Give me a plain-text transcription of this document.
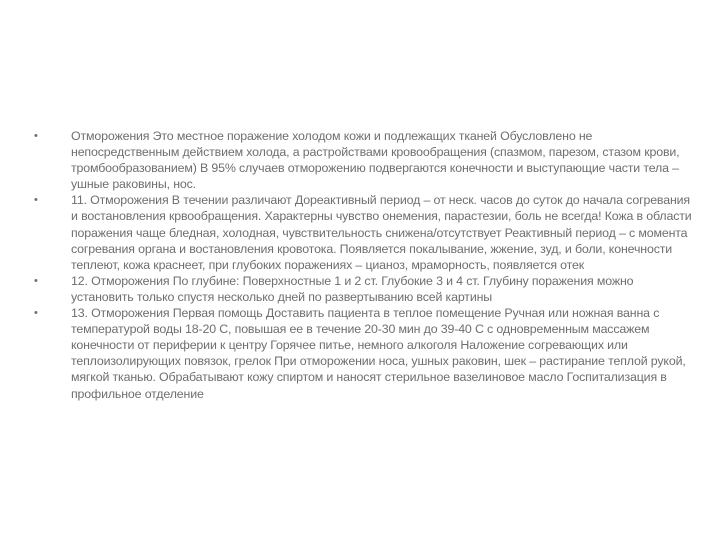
•	Отморожения Это местное поражение холодом кожи и подлежащих тканей Обусловлено не непосредственным действием холода, а растройствами кровообращения (спазмом, парезом, стазом крови, тромбообразованием) В 95% случаев отморожению подвергаются конечности и выступающие части тела – ушные раковины, нос.
•	11. Отморожения В течении различают Дореактивный период – от неск. часов до суток до начала согревания и востановления крвообращения. Характерны чувство онемения, парастезии, боль не всегда! Кожа в области поражения чаще бледная, холодная, чувствительность снижена/отсутствует Реактивный период – с момента согревания органа и востановления кровотока. Появляется покалывание, жжение, зуд, и боли, конечности теплеют, кожа краснеет, при глубоких поражениях – цианоз, мраморность, появляется отек
•	12. Отморожения По глубине: Поверхностные 1 и 2 ст. Глубокие 3 и 4 ст. Глубину поражения можно установить только спустя несколько дней по развертыванию всей картины
•	13. Отморожения Первая помощь Доставить пациента в теплое помещение Ручная или ножная ванна с температурой воды 18-20 С, повышая ее в течение 20-30 мин до 39-40 С с одновременным массажем конечности от периферии к центру Горячее питье, немного алкоголя Наложение согревающих или теплоизолирующих повязок, грелок При отморожении носа, ушных раковин, шек – растирание теплой рукой, мягкой тканью. Обрабатывают кожу спиртом и наносят стерильное вазелиновое масло Госпитализация в профильное отделение
